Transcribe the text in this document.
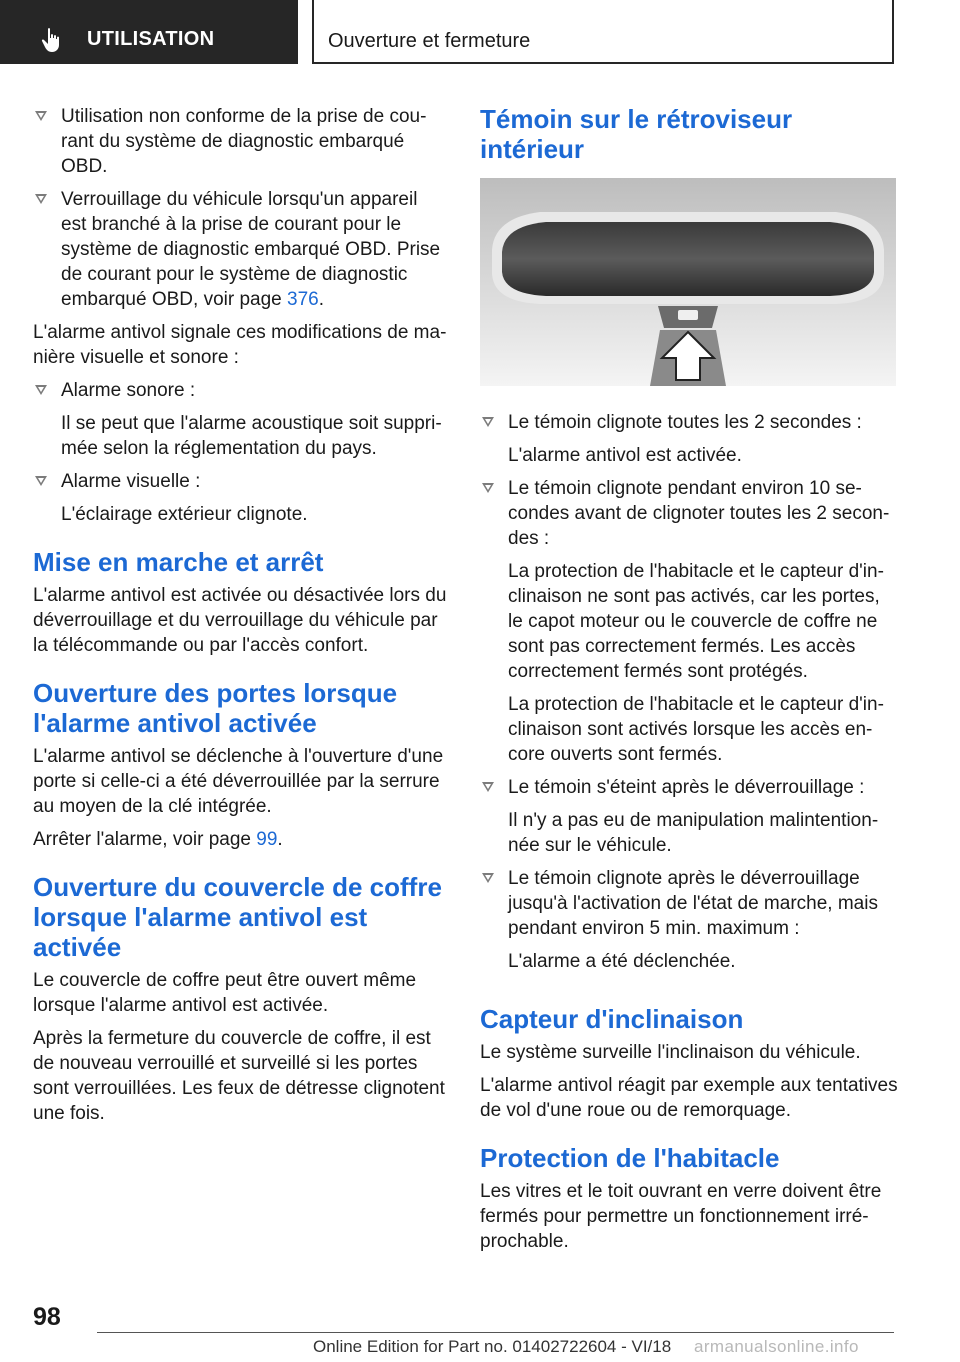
UTILISATION	Ouverture et fermeture

Utilisation non conforme de la prise de courant du système de diagnostic embarqué OBD.

Verrouillage du véhicule lorsqu'un appareil est branché à la prise de courant pour le système de diagnostic embarqué OBD. Prise de courant pour le système de diagnostic embarqué OBD, voir page 376.

L'alarme antivol signale ces modifications de manière visuelle et sonore :

Alarme sonore :

Il se peut que l'alarme acoustique soit supprimée selon la réglementation du pays.

Alarme visuelle :

L'éclairage extérieur clignote.

Mise en marche et arrêt

L'alarme antivol est activée ou désactivée lors du déverrouillage et du verrouillage du véhicule par la télécommande ou par l'accès confort.

Ouverture des portes lorsque l'alarme antivol activée

L'alarme antivol se déclenche à l'ouverture d'une porte si celle-ci a été déverrouillée par la serrure au moyen de la clé intégrée.

Arrêter l'alarme, voir page 99.

Ouverture du couvercle de coffre lorsque l'alarme antivol est activée

Le couvercle de coffre peut être ouvert même lorsque l'alarme antivol est activée.

Après la fermeture du couvercle de coffre, il est de nouveau verrouillé et surveillé si les portes sont verrouillées. Les feux de détresse clignotent une fois.

Témoin sur le rétroviseur intérieur

Le témoin clignote toutes les 2 secondes :

L'alarme antivol est activée.

Le témoin clignote pendant environ 10 secondes avant de clignoter toutes les 2 secondes :

La protection de l'habitacle et le capteur d'inclinaison ne sont pas activés, car les portes, le capot moteur ou le couvercle de coffre ne sont pas correctement fermés. Les accès correctement fermés sont protégés.

La protection de l'habitacle et le capteur d'inclinaison sont activés lorsque les accès encore ouverts sont fermés.

Le témoin s'éteint après le déverrouillage :

Il n'y a pas eu de manipulation malintentionnée sur le véhicule.

Le témoin clignote après le déverrouillage jusqu'à l'activation de l'état de marche, mais pendant environ 5 min. maximum :

L'alarme a été déclenchée.

Capteur d'inclinaison

Le système surveille l'inclinaison du véhicule.

L'alarme antivol réagit par exemple aux tentatives de vol d'une roue ou de remorquage.

Protection de l'habitacle

Les vitres et le toit ouvrant en verre doivent être fermés pour permettre un fonctionnement irréprochable.

98
Online Edition for Part no. 01402722604 - VI/18 armanualsonline.info
